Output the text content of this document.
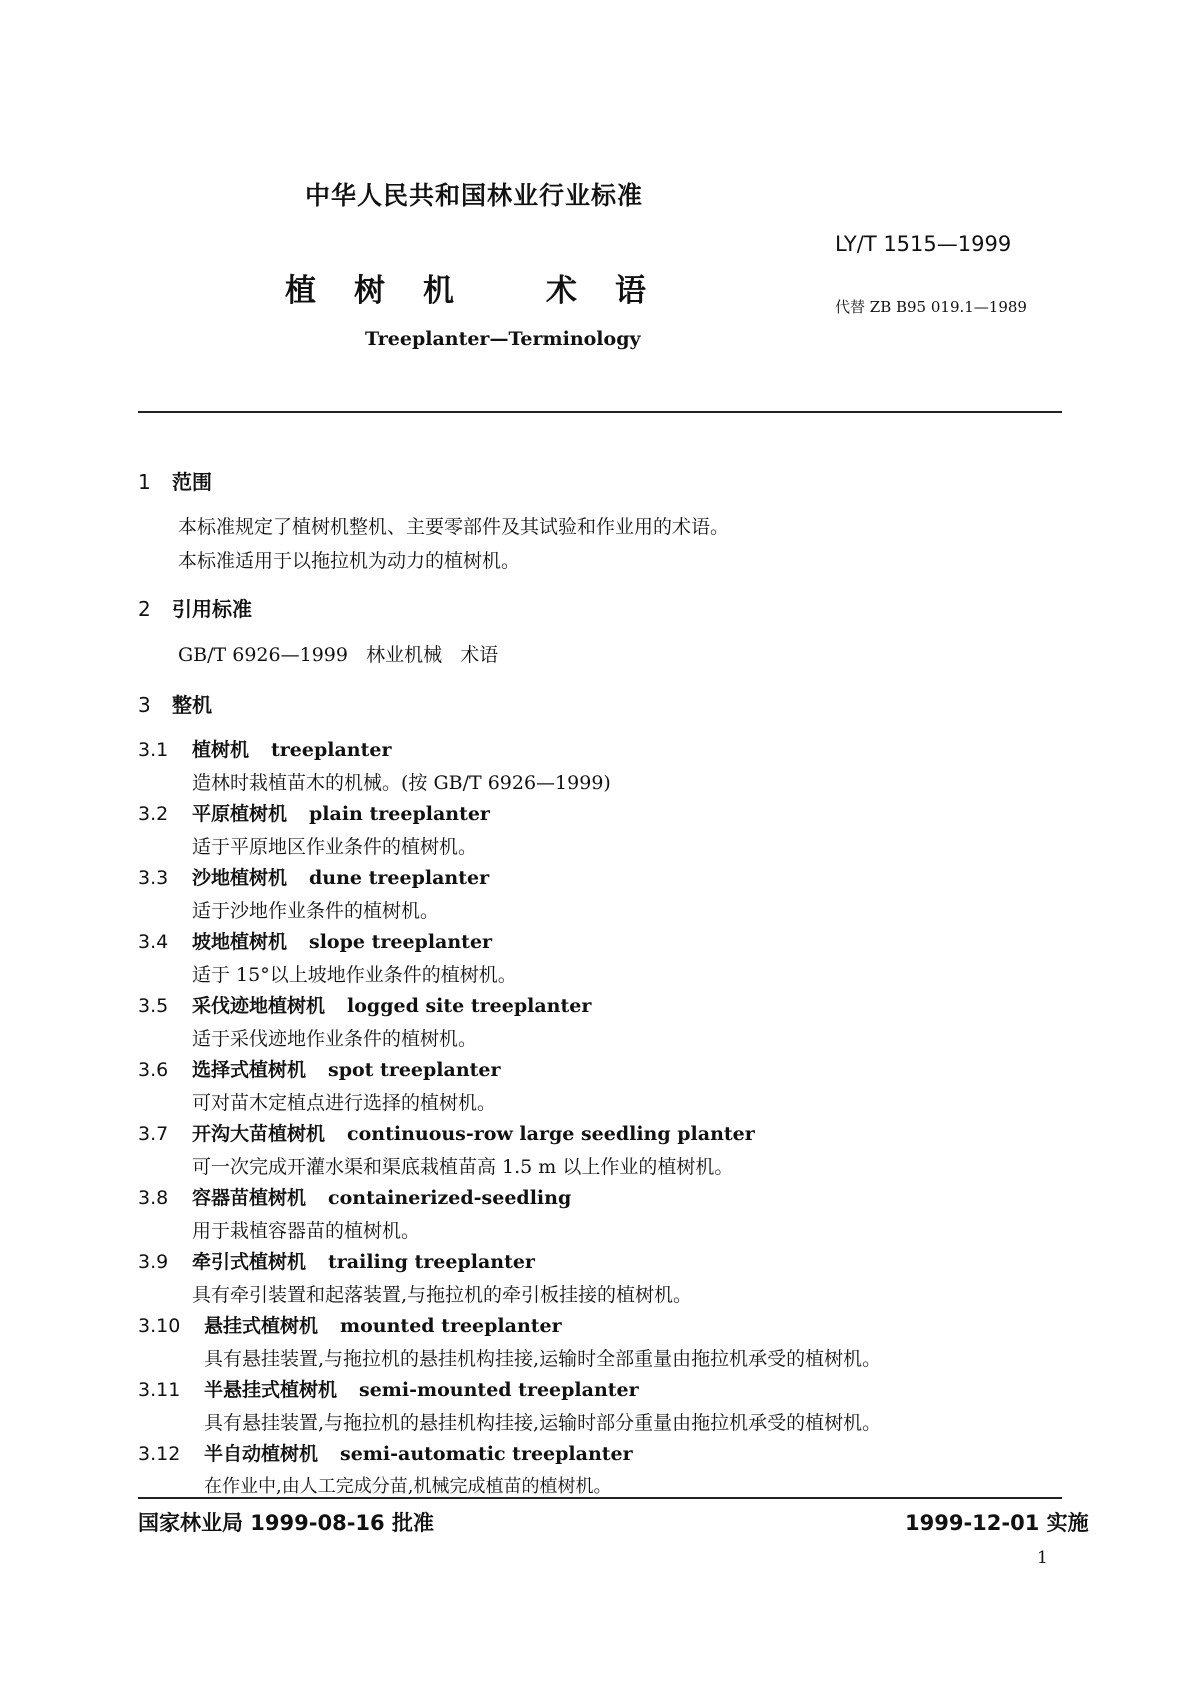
中华人民共和国林业行业标准
LY/T 1515—1999
植 树 机	术 语	代替 ZB B95 019.1—1989
Treeplanter—Terminology
1 范围
本标准规定了植树机整机、主要零部件及其试验和作业用的术语。
本标准适用于以拖拉机为动力的植树机。
2 引用标准
GB/T 6926—1999   林业机械   术语
3 整机
3.1 植树机 treeplanter
造林时栽植苗木的机械。(按 GB/T 6926—1999)
3.2 平原植树机 plain treeplanter
适于平原地区作业条件的植树机。
3.3 沙地植树机 dune treeplanter
适于沙地作业条件的植树机。
3.4 坡地植树机 slope treeplanter
适于 15°以上坡地作业条件的植树机。
3.5 采伐迹地植树机 logged site treeplanter
适于采伐迹地作业条件的植树机。
3.6 选择式植树机 spot treeplanter
可对苗木定植点进行选择的植树机。
3.7 开沟大苗植树机 continuous-row large seedling planter
可一次完成开灌水渠和渠底栽植苗高 1.5 m 以上作业的植树机。
3.8 容器苗植树机 containerized-seedling
用于栽植容器苗的植树机。
3.9 牵引式植树机 trailing treeplanter
具有牵引装置和起落装置,与拖拉机的牵引板挂接的植树机。
3.10 悬挂式植树机 mounted treeplanter
具有悬挂装置,与拖拉机的悬挂机构挂接,运输时全部重量由拖拉机承受的植树机。
3.11 半悬挂式植树机 semi-mounted treeplanter
具有悬挂装置,与拖拉机的悬挂机构挂接,运输时部分重量由拖拉机承受的植树机。
3.12 半自动植树机 semi-automatic treeplanter
在作业中,由人工完成分苗,机械完成植苗的植树机。
国家林业局 1999-08-16 批准	1999-12-01 实施
1
